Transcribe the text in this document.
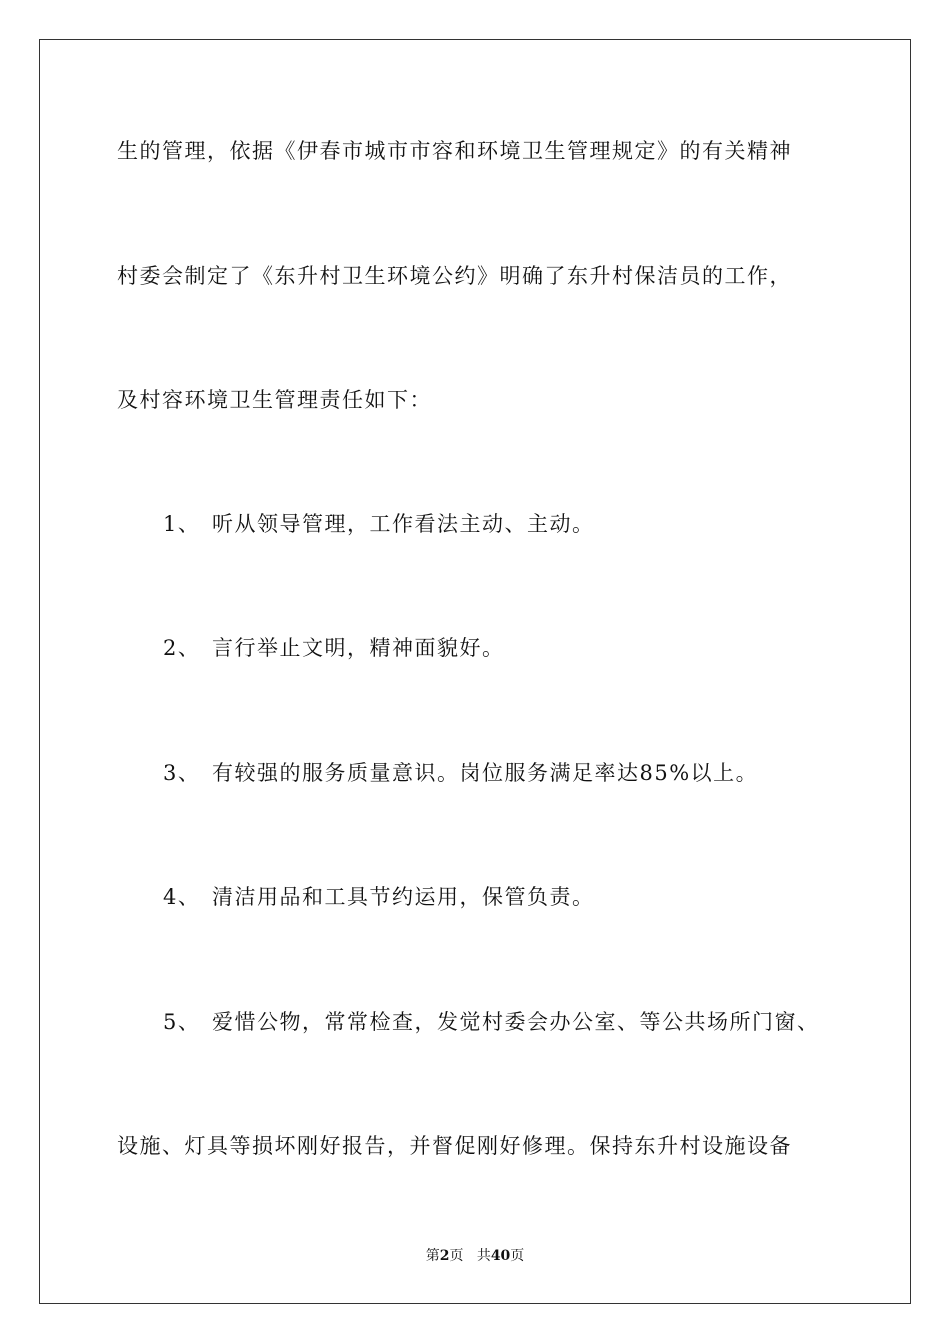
生的管理，依据《伊春市城市市容和环境卫生管理规定》的有关精神
村委会制定了《东升村卫生环境公约》明确了东升村保洁员的工作，
及村容环境卫生管理责任如下：
1、 听从领导管理，工作看法主动、主动。
2、 言行举止文明，精神面貌好。
3、 有较强的服务质量意识。岗位服务满足率达85%以上。
4、 清洁用品和工具节约运用，保管负责。
5、 爱惜公物，常常检查，发觉村委会办公室、等公共场所门窗、
设施、灯具等损坏刚好报告，并督促刚好修理。保持东升村设施设备
第2页 共40页
